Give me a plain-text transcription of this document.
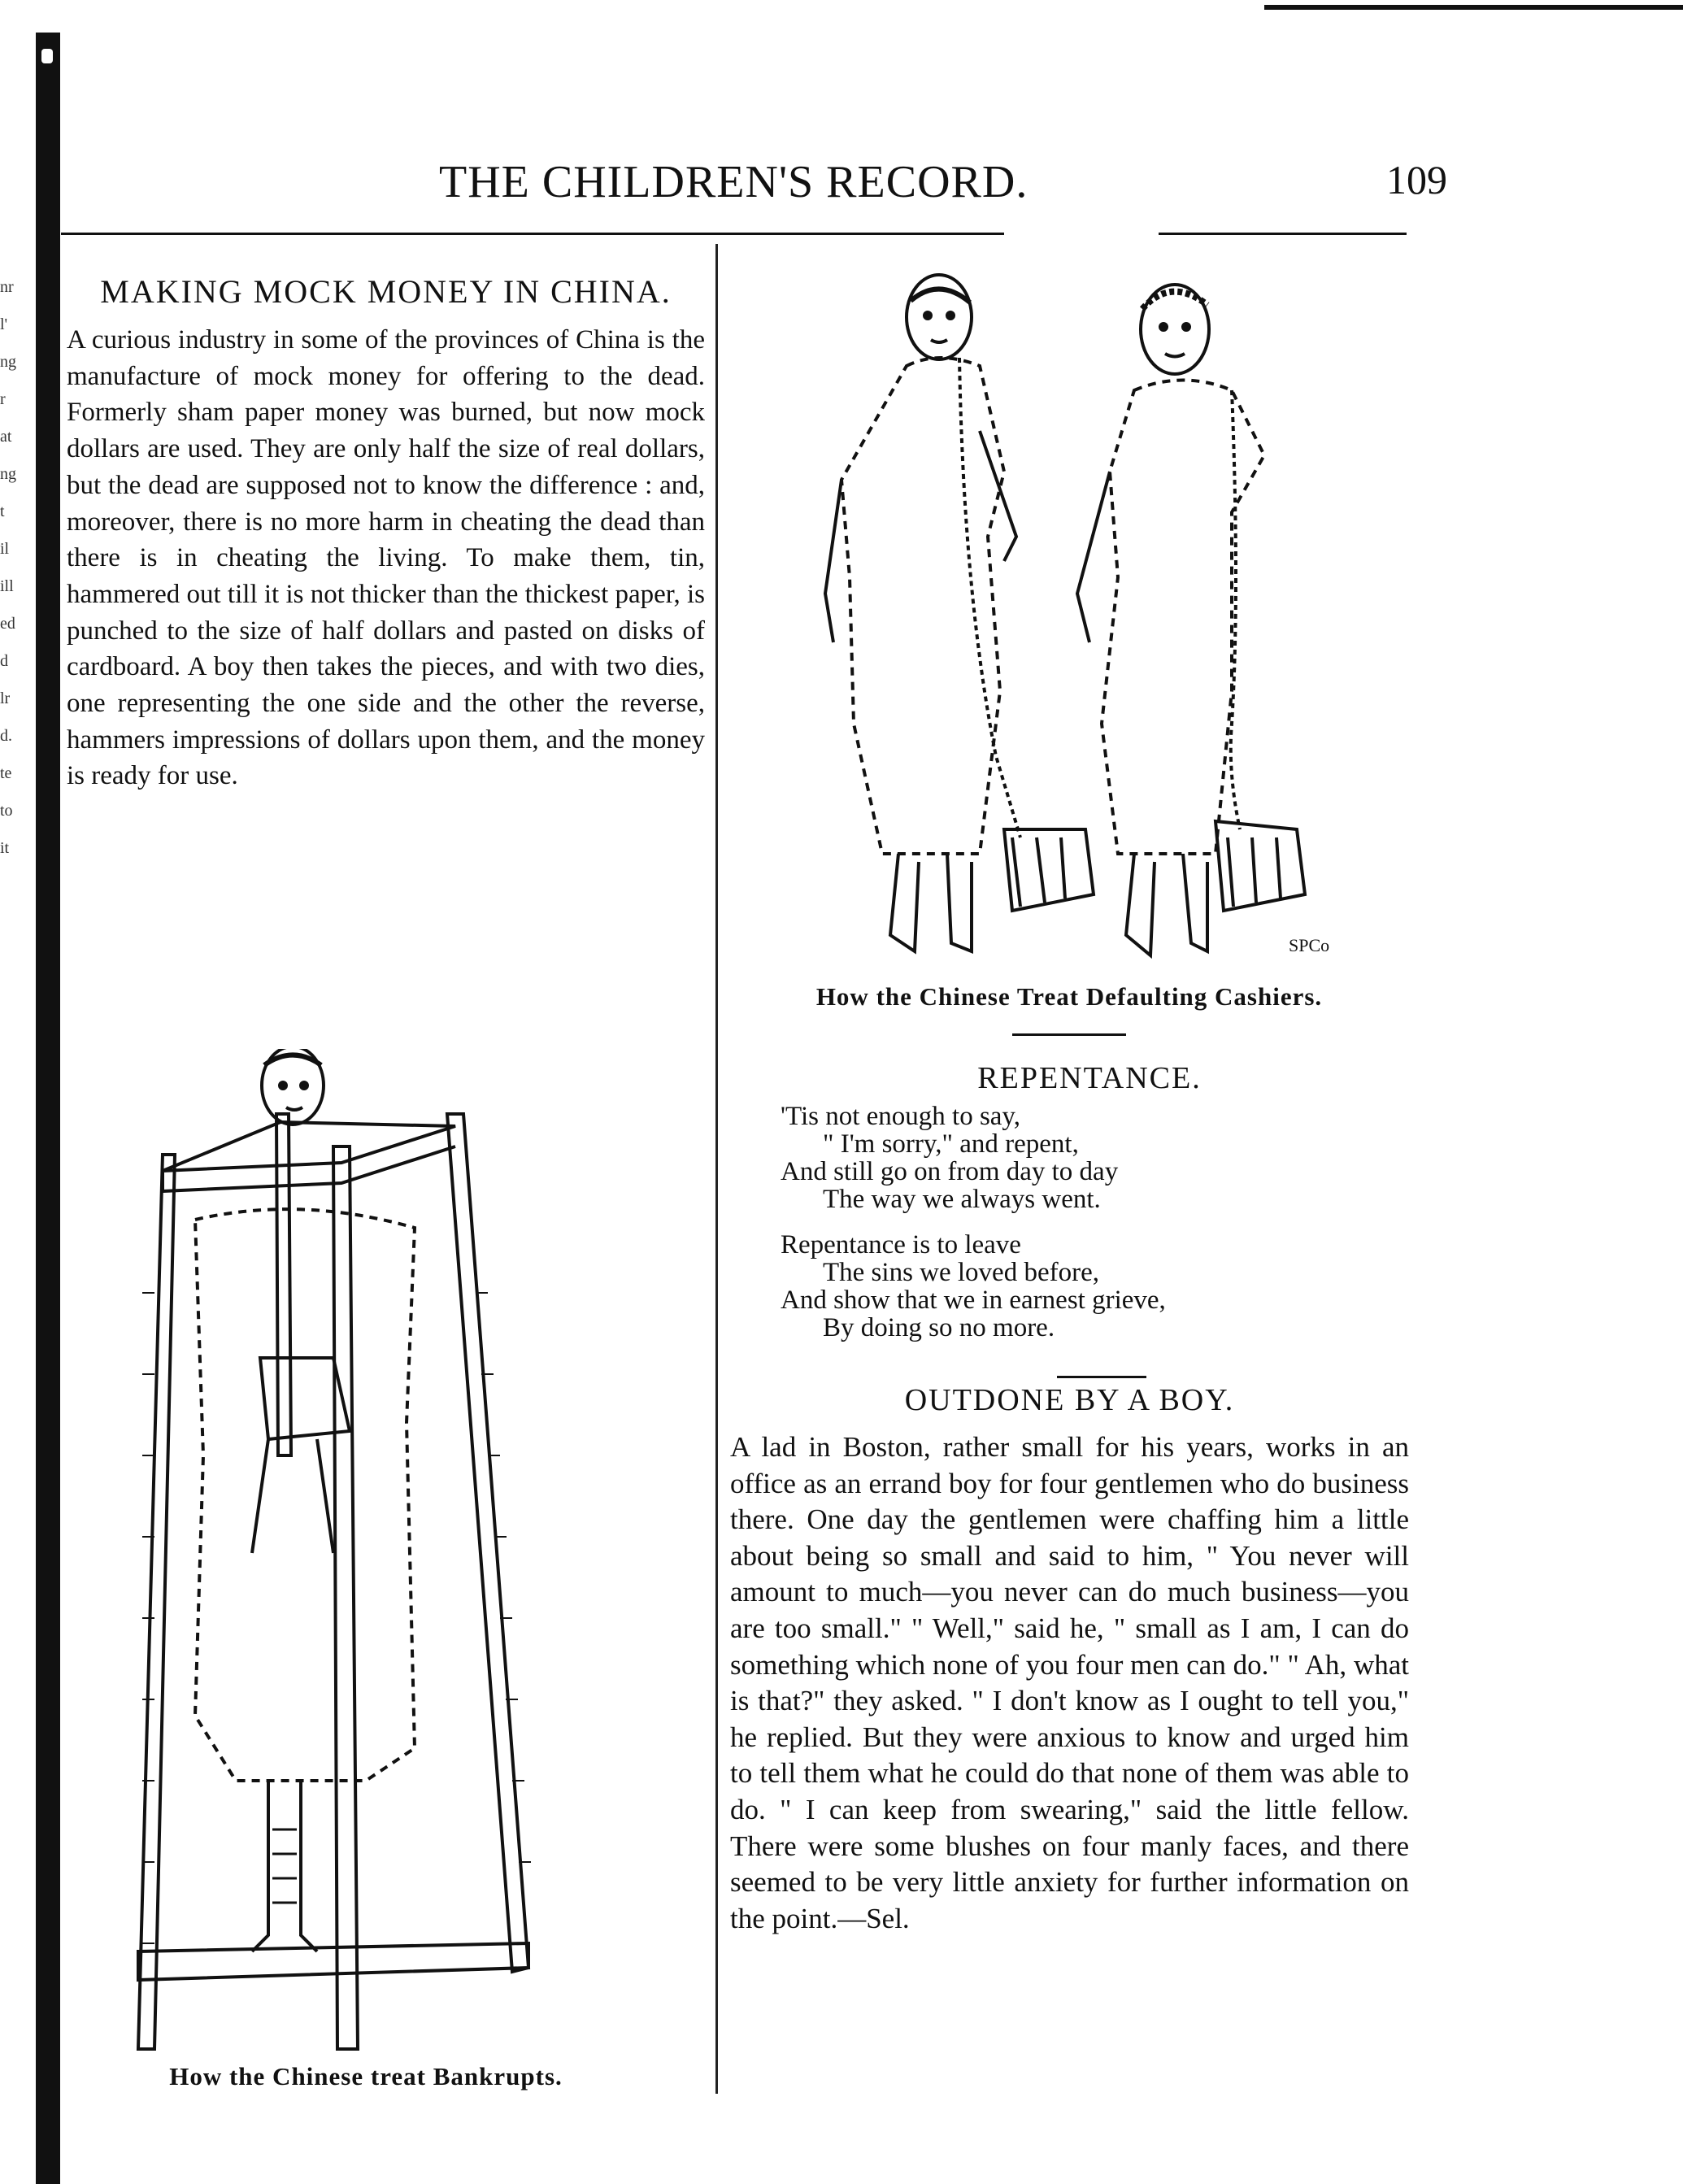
nr
l'
ng
r
at
ng
t
il
ill
ed
d
lr
d.
te
to
it
THE CHILDREN'S RECORD.	109
MAKING MOCK MONEY IN CHINA.

A curious industry in some of the provinces of China is the manufacture of mock money for offering to the dead. Formerly sham paper money was burned, but now mock dollars are used. They are only half the size of real dollars, but the dead are supposed not to know the difference : and, moreover, there is no more harm in cheating the dead than there is in cheating the living. To make them, tin, hammered out till it is not thicker than the thickest paper, is punched to the size of half dollars and pasted on disks of cardboard. A boy then takes the pieces, and with two dies, one representing the one side and the other the reverse, hammers impressions of dollars upon them, and the money is ready for use.

SPCo
How the Chinese Treat Defaulting Cashiers.
REPENTANCE.
'Tis not enough to say,
" I'm sorry," and repent,
And still go on from day to day
The way we always went.
Repentance is to leave
The sins we loved before,
And show that we in earnest grieve,
By doing so no more.
OUTDONE BY A BOY.

A lad in Boston, rather small for his years, works in an office as an errand boy for four gentlemen who do business there. One day the gentlemen were chaffing him a little about being so small and said to him, " You never will amount to much—you never can do much business—you are too small." " Well," said he, " small as I am, I can do something which none of you four men can do." " Ah, what is that?" they asked. " I don't know as I ought to tell you," he replied. But they were anxious to know and urged him to tell them what he could do that none of them was able to do. " I can keep from swearing," said the little fellow. There were some blushes on four manly faces, and there seemed to be very little anxiety for further information on the point.—Sel.

How the Chinese treat Bankrupts.
